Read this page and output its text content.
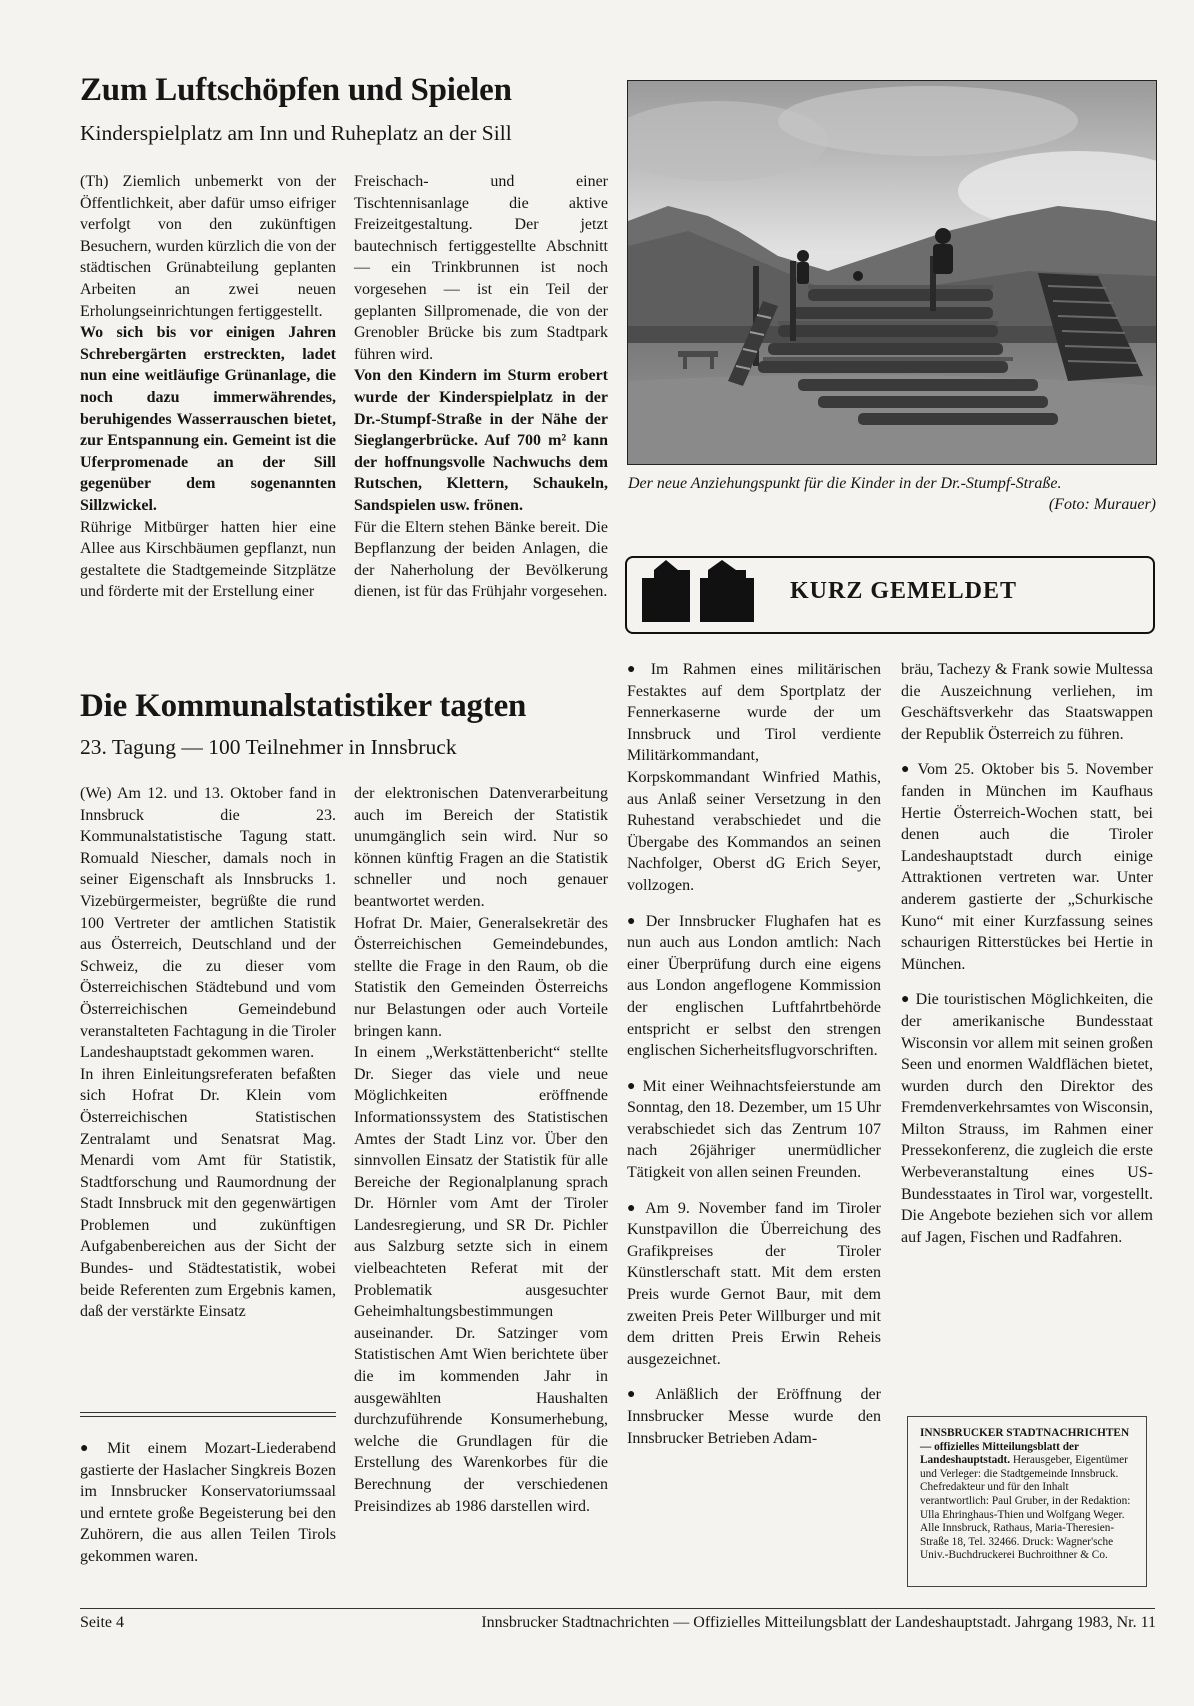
Zum Luftschöpfen und Spielen
Kinderspielplatz am Inn und Ruheplatz an der Sill

(Th) Ziemlich unbemerkt von der Öffentlichkeit, aber dafür umso eifriger verfolgt von den zukünftigen Besuchern, wurden kürzlich die von der städtischen Grünabteilung geplanten Arbeiten an zwei neuen Erholungseinrichtungen fertiggestellt.

Wo sich bis vor einigen Jahren Schrebergärten erstreckten, ladet nun eine weitläufige Grünanlage, die noch dazu immerwährendes, beruhigendes Wasserrauschen bietet, zur Entspannung ein. Gemeint ist die Uferpromenade an der Sill gegenüber dem sogenannten Sillzwickel.

Rührige Mitbürger hatten hier eine Allee aus Kirschbäumen gepflanzt, nun gestaltete die Stadtgemeinde Sitzplätze und förderte mit der Erstellung einer

Freischach- und einer Tischtennisanlage die aktive Freizeitgestaltung. Der jetzt bautechnisch fertiggestellte Abschnitt — ein Trinkbrunnen ist noch vorgesehen — ist ein Teil der geplanten Sillpromenade, die von der Grenobler Brücke bis zum Stadtpark führen wird.

Von den Kindern im Sturm erobert wurde der Kinderspielplatz in der Dr.-Stumpf-Straße in der Nähe der Sieglangerbrücke. Auf 700 m² kann der hoffnungsvolle Nachwuchs dem Rutschen, Klettern, Schaukeln, Sandspielen usw. frönen.

Für die Eltern stehen Bänke bereit. Die Bepflanzung der beiden Anlagen, die der Naherholung der Bevölkerung dienen, ist für das Frühjahr vorgesehen.

Der neue Anziehungspunkt für die Kinder in der Dr.-Stumpf-Straße.
(Foto: Murauer)
KURZ GEMELDET
Die Kommunalstatistiker tagten
23. Tagung — 100 Teilnehmer in Innsbruck

(We) Am 12. und 13. Oktober fand in Innsbruck die 23. Kommunalstatistische Tagung statt. Romuald Niescher, damals noch in seiner Eigenschaft als Innsbrucks 1. Vizebürgermeister, begrüßte die rund 100 Vertreter der amtlichen Statistik aus Österreich, Deutschland und der Schweiz, die zu dieser vom Österreichischen Städtebund und vom Österreichischen Gemeindebund veranstalteten Fachtagung in die Tiroler Landeshauptstadt gekommen waren.

In ihren Einleitungsreferaten befaßten sich Hofrat Dr. Klein vom Österreichischen Statistischen Zentralamt und Senatsrat Mag. Menardi vom Amt für Statistik, Stadtforschung und Raumordnung der Stadt Innsbruck mit den gegenwärtigen Problemen und zukünftigen Aufgabenbereichen aus der Sicht der Bundes- und Städtestatistik, wobei beide Referenten zum Ergebnis kamen, daß der verstärkte Einsatz

der elektronischen Datenverarbeitung auch im Bereich der Statistik unumgänglich sein wird. Nur so können künftig Fragen an die Statistik schneller und noch genauer beantwortet werden.

Hofrat Dr. Maier, Generalsekretär des Österreichischen Gemeindebundes, stellte die Frage in den Raum, ob die Statistik den Gemeinden Österreichs nur Belastungen oder auch Vorteile bringen kann.

In einem „Werkstättenbericht“ stellte Dr. Sieger das viele und neue Möglichkeiten eröffnende Informationssystem des Statistischen Amtes der Stadt Linz vor. Über den sinnvollen Einsatz der Statistik für alle Bereiche der Regionalplanung sprach Dr. Hörnler vom Amt der Tiroler Landesregierung, und SR Dr. Pichler aus Salzburg setzte sich in einem vielbeachteten Referat mit der Problematik ausgesuchter Geheimhaltungsbestimmungen auseinander. Dr. Satzinger vom Statistischen Amt Wien berichtete über die im kommenden Jahr in ausgewählten Haushalten durchzuführende Konsumerhebung, welche die Grundlagen für die Erstellung des Warenkorbes für die Berechnung der verschiedenen Preisindizes ab 1986 darstellen wird.

● Mit einem Mozart-Liederabend gastierte der Haslacher Singkreis Bozen im Innsbrucker Konservatoriumssaal und erntete große Begeisterung bei den Zuhörern, die aus allen Teilen Tirols gekommen waren.

● Im Rahmen eines militärischen Festaktes auf dem Sportplatz der Fennerkaserne wurde der um Innsbruck und Tirol verdiente Militärkommandant, Korpskommandant Winfried Mathis, aus Anlaß seiner Versetzung in den Ruhestand verabschiedet und die Übergabe des Kommandos an seinen Nachfolger, Oberst dG Erich Seyer, vollzogen.

● Der Innsbrucker Flughafen hat es nun auch aus London amtlich: Nach einer Überprüfung durch eine eigens aus London angeflogene Kommission der englischen Luftfahrtbehörde entspricht er selbst den strengen englischen Sicherheitsflugvorschriften.

● Mit einer Weihnachtsfeierstunde am Sonntag, den 18. Dezember, um 15 Uhr verabschiedet sich das Zentrum 107 nach 26jähriger unermüdlicher Tätigkeit von allen seinen Freunden.

● Am 9. November fand im Tiroler Kunstpavillon die Überreichung des Grafikpreises der Tiroler Künstlerschaft statt. Mit dem ersten Preis wurde Gernot Baur, mit dem zweiten Preis Peter Willburger und mit dem dritten Preis Erwin Reheis ausgezeichnet.

● Anläßlich der Eröffnung der Innsbrucker Messe wurde den Innsbrucker Betrieben Adam-

bräu, Tachezy & Frank sowie Multessa die Auszeichnung verliehen, im Geschäftsverkehr das Staatswappen der Republik Österreich zu führen.

● Vom 25. Oktober bis 5. November fanden in München im Kaufhaus Hertie Österreich-Wochen statt, bei denen auch die Tiroler Landeshauptstadt durch einige Attraktionen vertreten war. Unter anderem gastierte der „Schurkische Kuno“ mit einer Kurzfassung seines schaurigen Ritterstückes bei Hertie in München.

● Die touristischen Möglichkeiten, die der amerikanische Bundesstaat Wisconsin vor allem mit seinen großen Seen und enormen Waldflächen bietet, wurden durch den Direktor des Fremdenverkehrsamtes von Wisconsin, Milton Strauss, im Rahmen einer Pressekonferenz, die zugleich die erste Werbeveranstaltung eines US-Bundesstaates in Tirol war, vorgestellt. Die Angebote beziehen sich vor allem auf Jagen, Fischen und Radfahren.

INNSBRUCKER STADTNACHRICHTEN — offizielles Mitteilungsblatt der Landeshauptstadt. Herausgeber, Eigentümer und Verleger: die Stadtgemeinde Innsbruck. Chefredakteur und für den Inhalt verantwortlich: Paul Gruber, in der Redaktion: Ulla Ehringhaus-Thien und Wolfgang Weger. Alle Innsbruck, Rathaus, Maria-Theresien-Straße 18, Tel. 32466. Druck: Wagner'sche Univ.-Buchdruckerei Buchroithner & Co.
Seite 4	Innsbrucker Stadtnachrichten — Offizielles Mitteilungsblatt der Landeshauptstadt. Jahrgang 1983, Nr. 11
